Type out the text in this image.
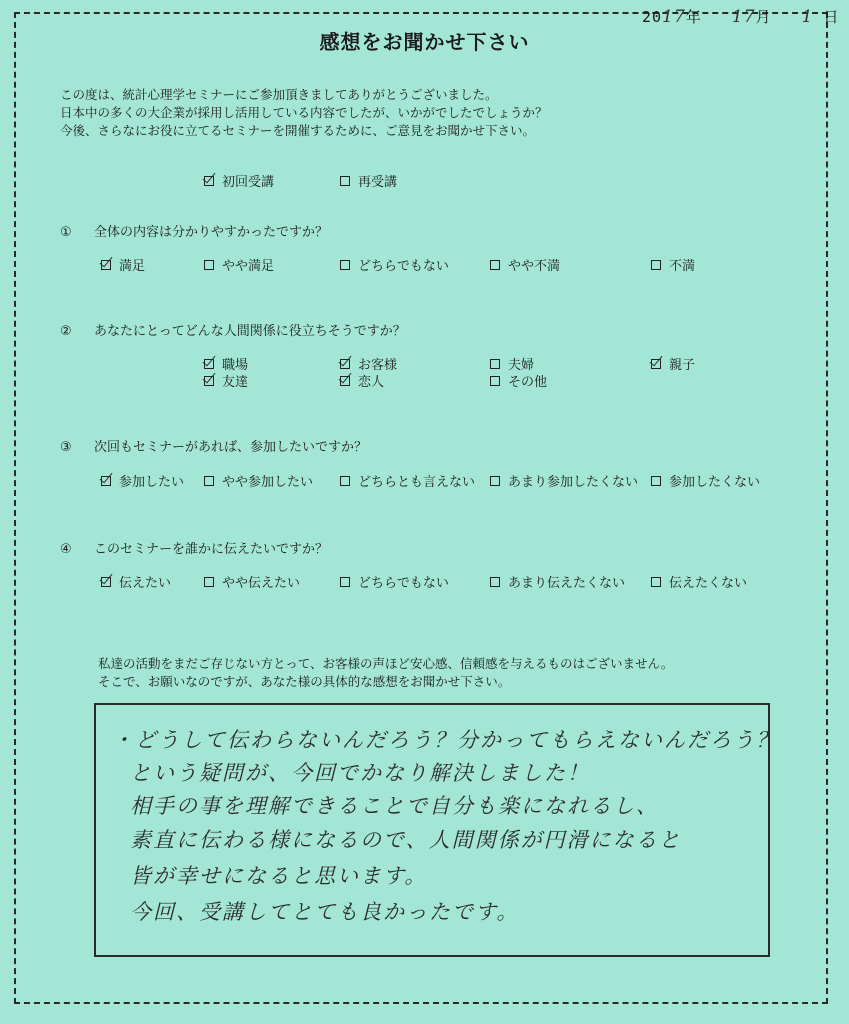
2017年 17月 1 日
感想をお聞かせ下さい
この度は、統計心理学セミナーにご参加頂きましてありがとうございました。
日本中の多くの大企業が採用し活用している内容でしたが、いかがでしたでしょうか？
今後、さらなにお役に立てるセミナーを開催するために、ご意見をお聞かせ下さい。
初回受講	再受講
① 全体の内容は分かりやすかったですか？
満足	やや満足	どちらでもない	やや不満	不満
② あなたにとってどんな人間関係に役立ちそうですか？
職場	お客様	夫婦	親子
友達	恋人	その他
③ 次回もセミナーがあれば、参加したいですか？
参加したい	やや参加したい	どちらとも言えない	あまり参加したくない 参加したくない
④ このセミナーを誰かに伝えたいですか？
伝えたい	やや伝えたい	どちらでもない	あまり伝えたくない	伝えたくない
私達の活動をまだご存じない方とって、お客様の声ほど安心感、信頼感を与えるものはございません。
そこで、お願いなのですが、あなた様の具体的な感想をお聞かせ下さい。
・どうして伝わらないんだろう？分かってもらえないんだろう？
という疑問が、今回でかなり解決しました！
相手の事を理解できることで自分も楽になれるし、
素直に伝わる様になるので、人間関係が円滑になると
皆が幸せになると思います。
今回、受講してとても良かったです。
